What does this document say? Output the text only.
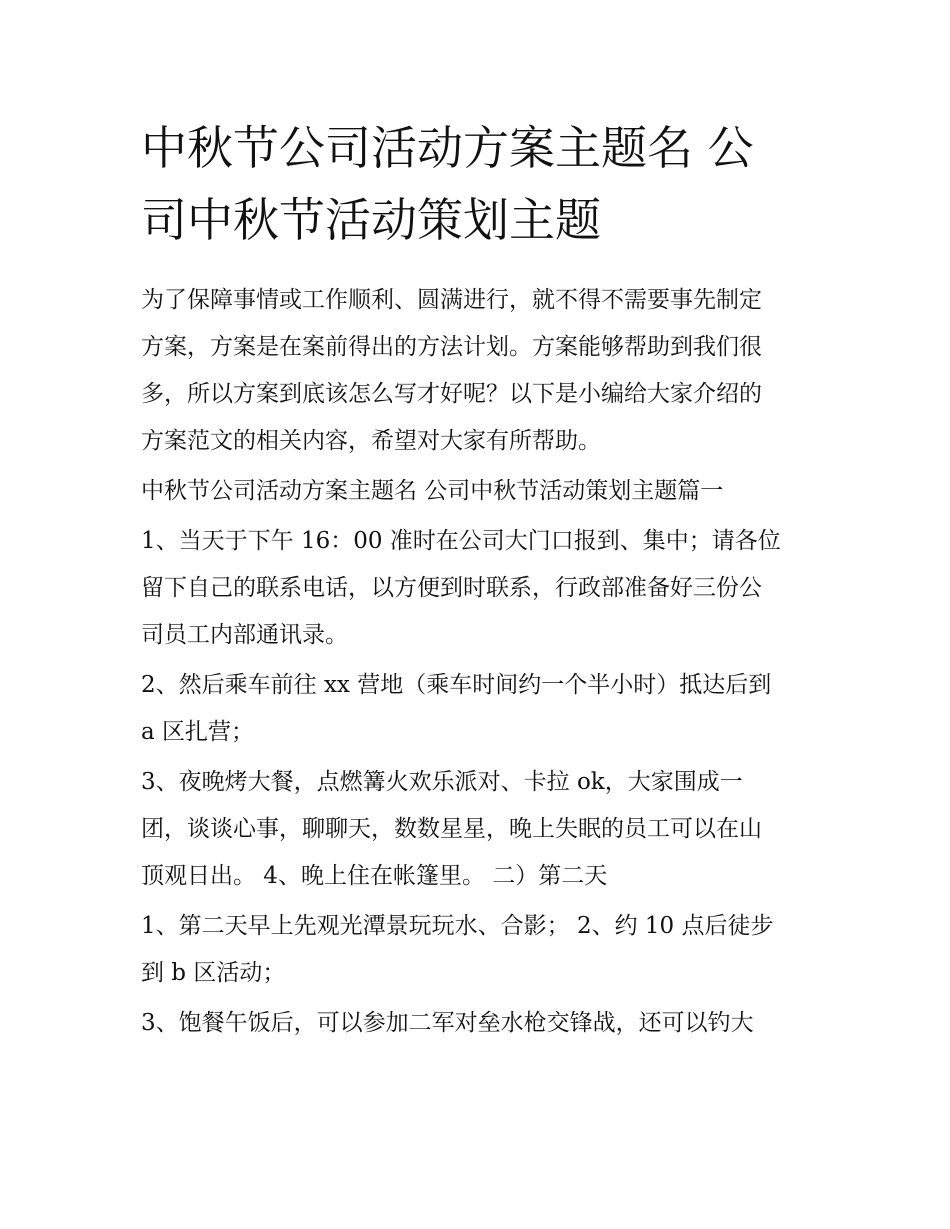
中秋节公司活动方案主题名 公
司中秋节活动策划主题

为了保障事情或工作顺利、圆满进行，就不得不需要事先制定
方案，方案是在案前得出的方法计划。方案能够帮助到我们很
多，所以方案到底该怎么写才好呢？以下是小编给大家介绍的
方案范文的相关内容，希望对大家有所帮助。

中秋节公司活动方案主题名 公司中秋节活动策划主题篇一

1、当天于下午 16：00 准时在公司大门口报到、集中；请各位
留下自己的联系电话，以方便到时联系，行政部准备好三份公
司员工内部通讯录。

2、然后乘车前往 xx 营地（乘车时间约一个半小时）抵达后到
a 区扎营；

3、夜晚烤大餐，点燃篝火欢乐派对、卡拉 ok，大家围成一
团，谈谈心事，聊聊天，数数星星，晚上失眠的员工可以在山
顶观日出。 4、晚上住在帐篷里。 二）第二天

1、第二天早上先观光潭景玩玩水、合影； 2、约 10 点后徒步
到 b 区活动；

3、饱餐午饭后，可以参加二军对垒水枪交锋战，还可以钓大
